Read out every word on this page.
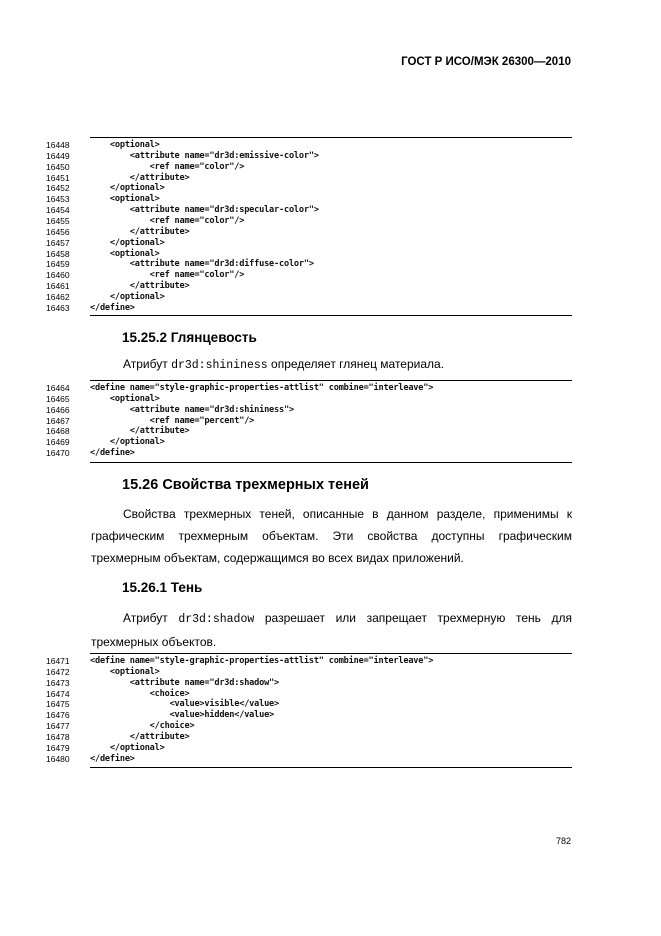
ГОСТ Р ИСО/МЭК 26300—2010
16448	<optional>
16449	<attribute name="dr3d:emissive-color">
16450	<ref name="color"/>
16451	</attribute>
16452	</optional>
16453	<optional>
16454	<attribute name="dr3d:specular-color">
16455	<ref name="color"/>
16456	</attribute>
16457	</optional>
16458	<optional>
16459	<attribute name="dr3d:diffuse-color">
16460	<ref name="color"/>
16461	</attribute>
16462	</optional>
16463	</define>
15.25.2 Глянцевость
Атрибут dr3d:shininess определяет глянец материала.
16464	<define name="style-graphic-properties-attlist" combine="interleave">
16465	<optional>
16466	<attribute name="dr3d:shininess">
16467	<ref name="percent"/>
16468	</attribute>
16469	</optional>
16470	</define>
15.26 Свойства трехмерных теней
Свойства трехмерных теней, описанные в данном разделе, применимы к графическим трехмерным объектам. Эти свойства доступны графическим трехмерным объектам, содержащимся во всех видах приложений.
15.26.1 Тень
Атрибут dr3d:shadow разрешает или запрещает трехмерную тень для трехмерных объектов.
16471	<define name="style-graphic-properties-attlist" combine="interleave">
16472	<optional>
16473	<attribute name="dr3d:shadow">
16474	<choice>
16475	<value>visible</value>
16476	<value>hidden</value>
16477	</choice>
16478	</attribute>
16479	</optional>
16480	</define>
782
